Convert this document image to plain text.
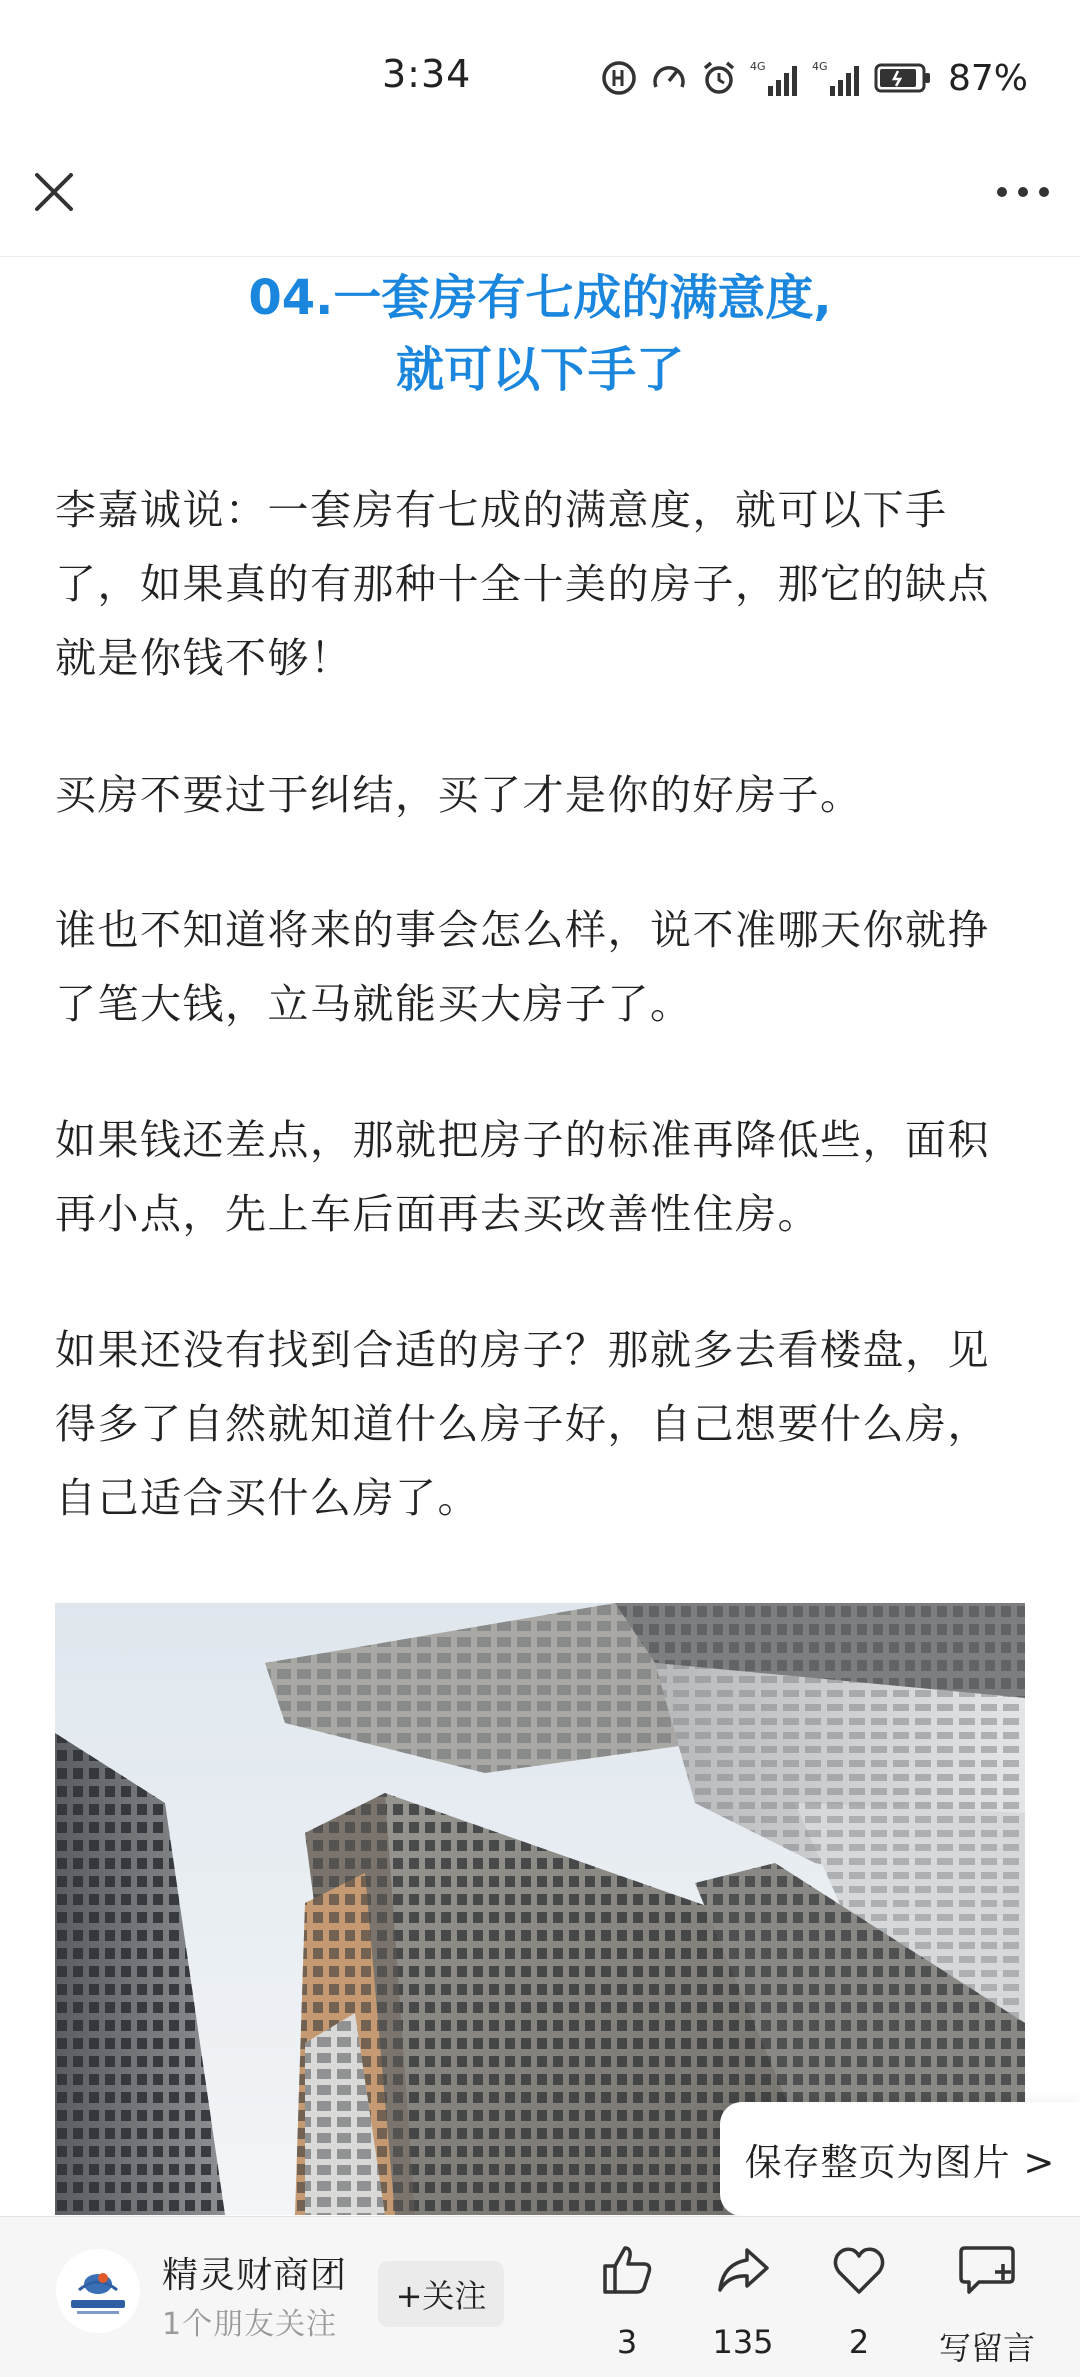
3:34	4G	4G	87%
04.一套房有七成的满意度,
就可以下手了

李嘉诚说：一套房有七成的满意度，就可以下手了，如果真的有那种十全十美的房子，那它的缺点就是你钱不够！

买房不要过于纠结，买了才是你的好房子。

谁也不知道将来的事会怎么样，说不准哪天你就挣了笔大钱，立马就能买大房子了。

如果钱还差点，那就把房子的标准再降低些，面积再小点，先上车后面再去买改善性住房。

如果还没有找到合适的房子？那就多去看楼盘，见得多了自然就知道什么房子好，自己想要什么房，自己适合买什么房了。

保存整页为图片 >
精灵财商团
1个朋友关注
+关注
3	135	2	写留言
